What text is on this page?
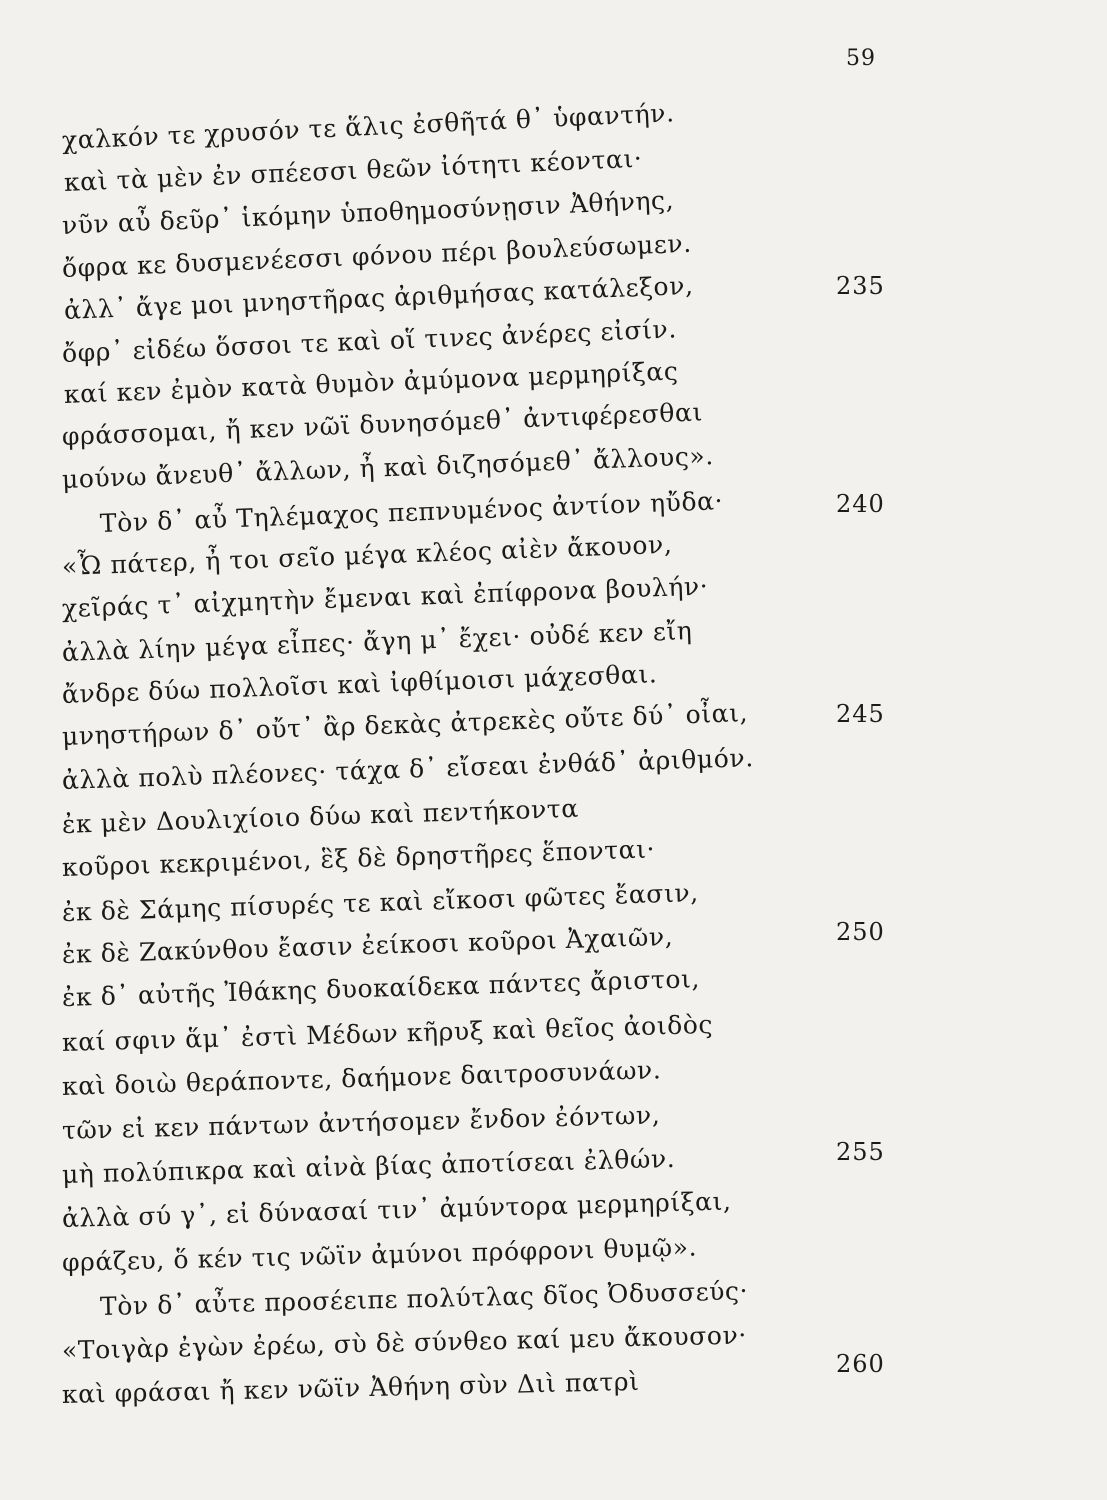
59
χαλκόν τε χρυσόν τε ἅλις ἐσθῆτά θ᾽ ὑφαντήν.
καὶ τὰ μὲν ἐν σπέεσσι θεῶν ἰότητι κέονται·
νῦν αὖ δεῦρ᾽ ἱκόμην ὑποθημοσύνῃσιν Ἀθήνης,
ὄφρα κε δυσμενέεσσι φόνου πέρι βουλεύσωμεν.
ἀλλ᾽ ἄγε μοι μνηστῆρας ἀριθμήσας κατάλεξον,
ὄφρ᾽ εἰδέω ὅσσοι τε καὶ οἵ τινες ἀνέρες εἰσίν.
καί κεν ἐμὸν κατὰ θυμὸν ἀμύμονα μερμηρίξας
φράσσομαι, ἤ κεν νῶϊ δυνησόμεθ᾽ ἀντιφέρεσθαι
μούνω ἄνευθ᾽ ἄλλων, ἦ καὶ διζησόμεθ᾽ ἄλλους».
Τὸν δ᾽ αὖ Τηλέμαχος πεπνυμένος ἀντίον ηὔδα·
«Ὦ πάτερ, ἦ τοι σεῖο μέγα κλέος αἰὲν ἄκουον,
χεῖράς τ᾽ αἰχμητὴν ἔμεναι καὶ ἐπίφρονα βουλήν·
ἀλλὰ λίην μέγα εἶπες· ἄγη μ᾽ ἔχει· οὐδέ κεν εἴη
ἄνδρε δύω πολλοῖσι καὶ ἰφθίμοισι μάχεσθαι.
μνηστήρων δ᾽ οὔτ᾽ ἂρ δεκὰς ἀτρεκὲς οὔτε δύ᾽ οἶαι,
ἀλλὰ πολὺ πλέονες· τάχα δ᾽ εἴσεαι ἐνθάδ᾽ ἀριθμόν.
ἐκ μὲν Δουλιχίοιο δύω καὶ πεντήκοντα
κοῦροι κεκριμένοι, ἓξ δὲ δρηστῆρες ἕπονται·
ἐκ δὲ Σάμης πίσυρές τε καὶ εἴκοσι φῶτες ἔασιν,
ἐκ δὲ Ζακύνθου ἔασιν ἐείκοσι κοῦροι Ἀχαιῶν,
ἐκ δ᾽ αὐτῆς Ἰθάκης δυοκαίδεκα πάντες ἄριστοι,
καί σφιν ἅμ᾽ ἐστὶ Μέδων κῆρυξ καὶ θεῖος ἀοιδὸς
καὶ δοιὼ θεράποντε, δαήμονε δαιτροσυνάων.
τῶν εἰ κεν πάντων ἀντήσομεν ἔνδον ἐόντων,
μὴ πολύπικρα καὶ αἰνὰ βίας ἀποτίσεαι ἐλθών.
ἀλλὰ σύ γ᾽, εἰ δύνασαί τιν᾽ ἀμύντορα μερμηρίξαι,
φράζευ, ὅ κέν τις νῶϊν ἀμύνοι πρόφρονι θυμῷ».
Τὸν δ᾽ αὖτε προσέειπε πολύτλας δῖος Ὀδυσσεύς·
«Τοιγὰρ ἐγὼν ἐρέω, σὺ δὲ σύνθεο καί μευ ἄκουσον·
καὶ φράσαι ἤ κεν νῶϊν Ἀθήνη σὺν Διὶ πατρὶ
235
240
245
250
255
260
